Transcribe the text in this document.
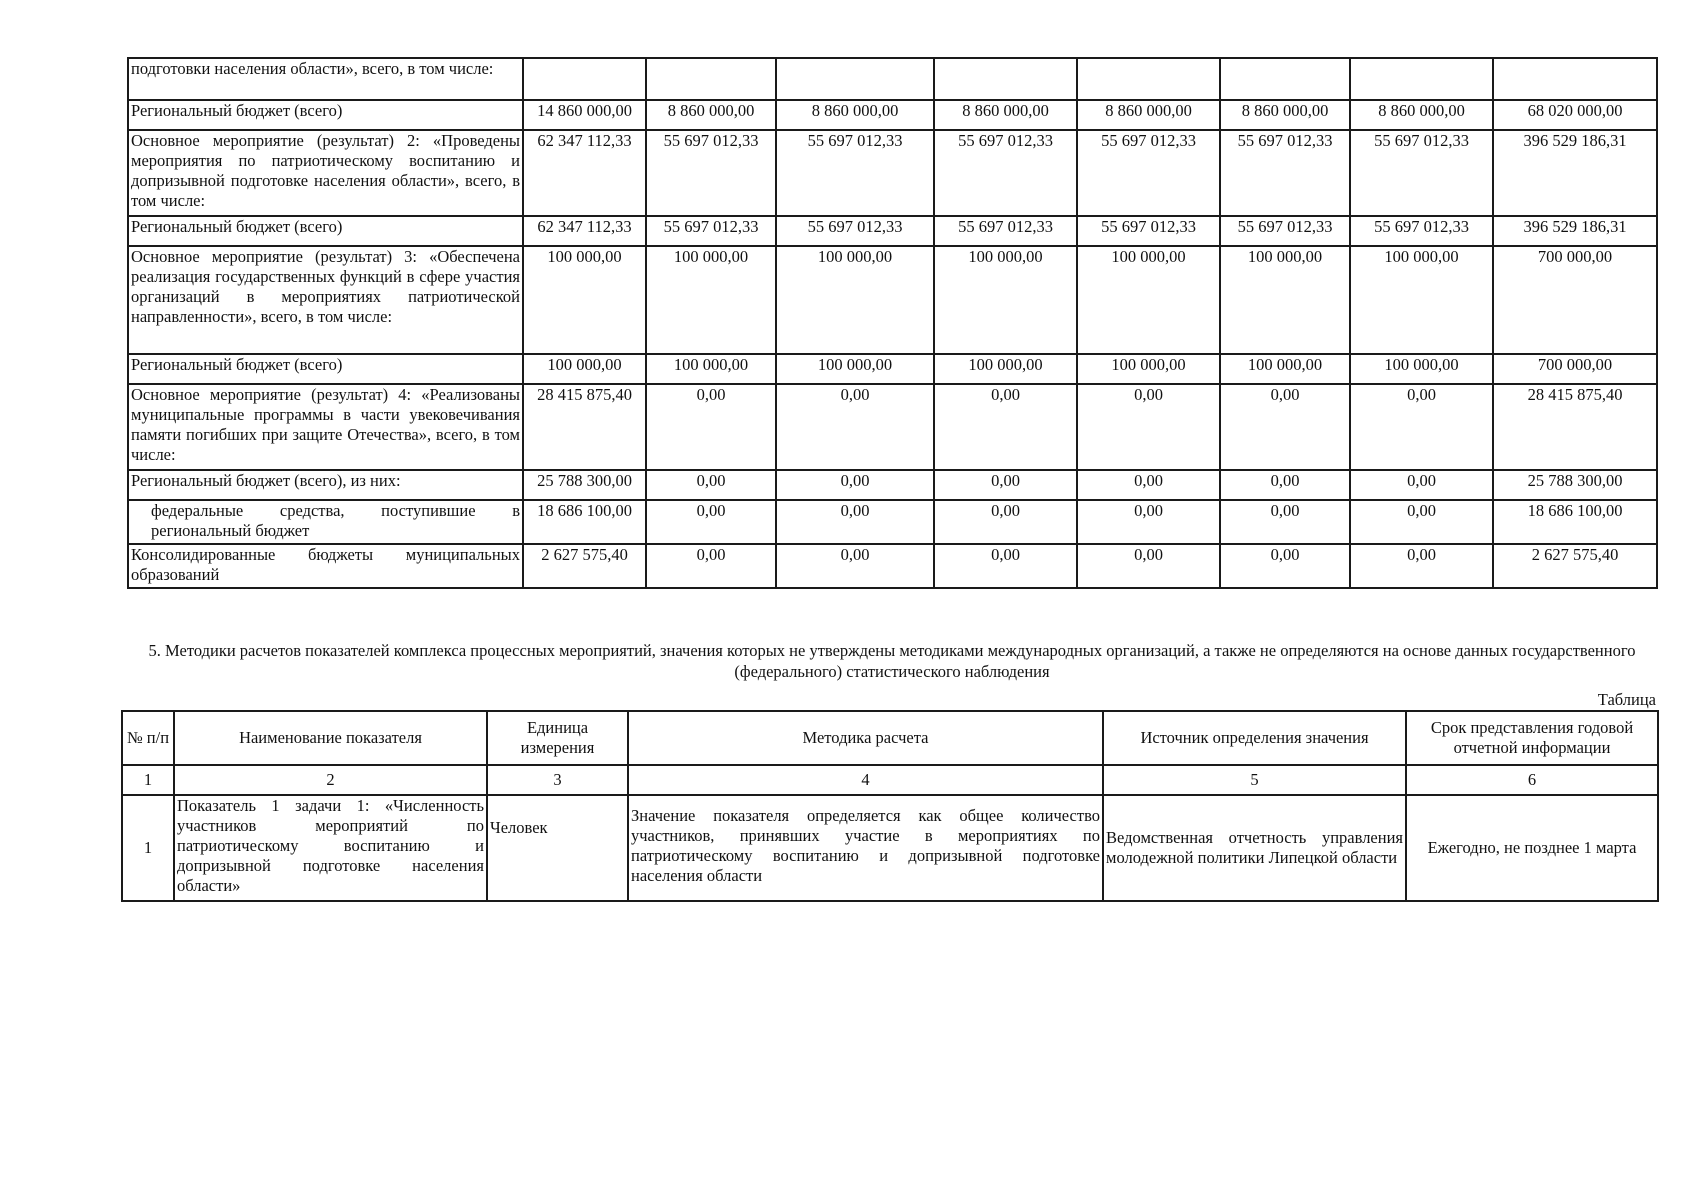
подготовки населения области», всего, в том числе:								
Региональный бюджет (всего)	14 860 000,00	8 860 000,00	8 860 000,00	8 860 000,00	8 860 000,00	8 860 000,00	8 860 000,00	68 020 000,00
Основное мероприятие (результат) 2: «Проведены мероприятия по патриотическому воспитанию и допризывной подготовке населения области», всего, в том числе:	62 347 112,33	55 697 012,33	55 697 012,33	55 697 012,33	55 697 012,33	55 697 012,33	55 697 012,33	396 529 186,31
Региональный бюджет (всего)	62 347 112,33	55 697 012,33	55 697 012,33	55 697 012,33	55 697 012,33	55 697 012,33	55 697 012,33	396 529 186,31
Основное мероприятие (результат) 3: «Обеспечена реализация государственных функций в сфере участия организаций в мероприятиях патриотической направленности», всего, в том числе:	100 000,00	100 000,00	100 000,00	100 000,00	100 000,00	100 000,00	100 000,00	700 000,00
Региональный бюджет (всего)	100 000,00	100 000,00	100 000,00	100 000,00	100 000,00	100 000,00	100 000,00	700 000,00
Основное мероприятие (результат) 4: «Реализованы муниципальные программы в части увековечивания памяти погибших при защите Отечества», всего, в том числе:	28 415 875,40	0,00	0,00	0,00	0,00	0,00	0,00	28 415 875,40
Региональный бюджет (всего), из них:	25 788 300,00	0,00	0,00	0,00	0,00	0,00	0,00	25 788 300,00
федеральные средства, поступившие в региональный бюджет	18 686 100,00	0,00	0,00	0,00	0,00	0,00	0,00	18 686 100,00
Консолидированные бюджеты муниципальных образований	2 627 575,40	0,00	0,00	0,00	0,00	0,00	0,00	2 627 575,40
5. Методики расчетов показателей комплекса процессных мероприятий, значения которых не утверждены методиками международных организаций, а также не определяются на основе данных государственного (федерального) статистического наблюдения
Таблица
№ п/п	Наименование показателя	Единица измерения	Методика расчета	Источник определения значения	Срок представления годовой отчетной информации
1	2	3	4	5	6
1	Показатель 1 задачи 1: «Численность участников мероприятий по патриотическому воспитанию и допризывной подготовке населения области»	Человек	Значение показателя определяется как общее количество участников, принявших участие в мероприятиях по патриотическому воспитанию и допризывной подготовке населения области	Ведомственная отчетность управления молодежной политики Липецкой области	Ежегодно, не позднее 1 марта
